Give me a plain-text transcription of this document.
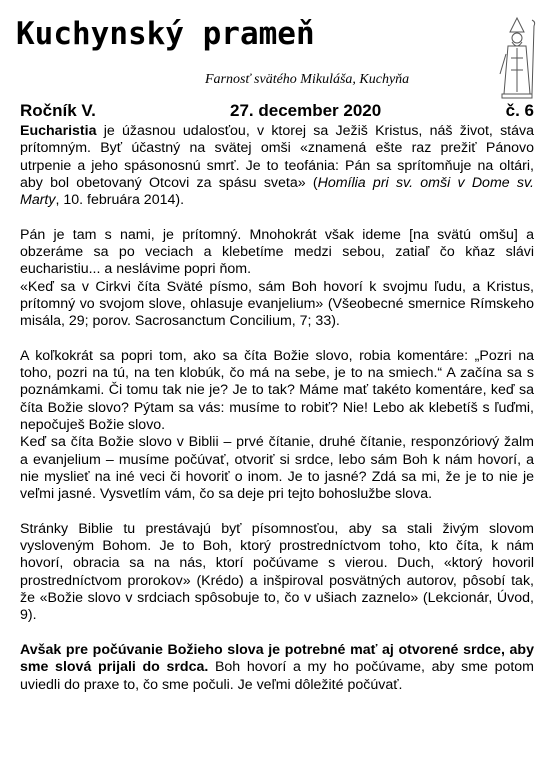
Kuchynský prameň
Farnosť svätého Mikuláša, Kuchyňa
Ročník V.	27. december 2020	č. 6

Eucharistia je úžasnou udalosťou, v ktorej sa Ježiš Kristus, náš život, stáva prítomným. Byť účastný na svätej omši «znamená ešte raz prežiť Pánovo utrpenie a jeho spásonosnú smrť. Je to teofánia: Pán sa sprítomňuje na oltári, aby bol obetovaný Otcovi za spásu sveta» (Homília pri sv. omši v Dome sv. Marty, 10. februára 2014).

Pán je tam s nami, je prítomný. Mnohokrát však ideme [na svätú omšu] a obzeráme sa po veciach a klebetíme medzi sebou, zatiaľ čo kňaz slávi eucharistiu... a neslávime popri ňom.

«Keď sa v Cirkvi číta Sväté písmo, sám Boh hovorí k svojmu ľudu, a Kristus, prítomný vo svojom slove, ohlasuje evanjelium» (Všeobecné smernice Rímskeho misála, 29; porov. Sacrosanctum Concilium, 7; 33).

A koľkokrát sa popri tom, ako sa číta Božie slovo, robia komentáre: „Pozri na toho, pozri na tú, na ten klobúk, čo má na sebe, je to na smiech.“ A začína sa s poznámkami. Či tomu tak nie je? Je to tak? Máme mať takéto komentáre, keď sa číta Božie slovo? Pýtam sa vás: musíme to robiť? Nie! Lebo ak klebetíš s ľuďmi, nepočuješ Božie slovo.

Keď sa číta Božie slovo v Biblii – prvé čítanie, druhé čítanie, responzóriový žalm a evanjelium – musíme počúvať, otvoriť si srdce, lebo sám Boh k nám hovorí, a nie myslieť na iné veci či hovoriť o inom. Je to jasné? Zdá sa mi, že je to nie je veľmi jasné. Vysvetlím vám, čo sa deje pri tejto bohoslužbe slova.

Stránky Biblie tu prestávajú byť písomnosťou, aby sa stali živým slovom vysloveným Bohom. Je to Boh, ktorý prostredníctvom toho, kto číta, k nám hovorí, obracia sa na nás, ktorí počúvame s vierou. Duch, «ktorý hovoril prostredníctvom prorokov» (Krédo) a inšpiroval posvätných autorov, pôsobí tak, že «Božie slovo v srdciach spôsobuje to, čo v ušiach zaznelo» (Lekcionár, Úvod, 9).

Avšak pre počúvanie Božieho slova je potrebné mať aj otvorené srdce, aby sme slová prijali do srdca. Boh hovorí a my ho počúvame, aby sme potom uviedli do praxe to, čo sme počuli. Je veľmi dôležité počúvať.
